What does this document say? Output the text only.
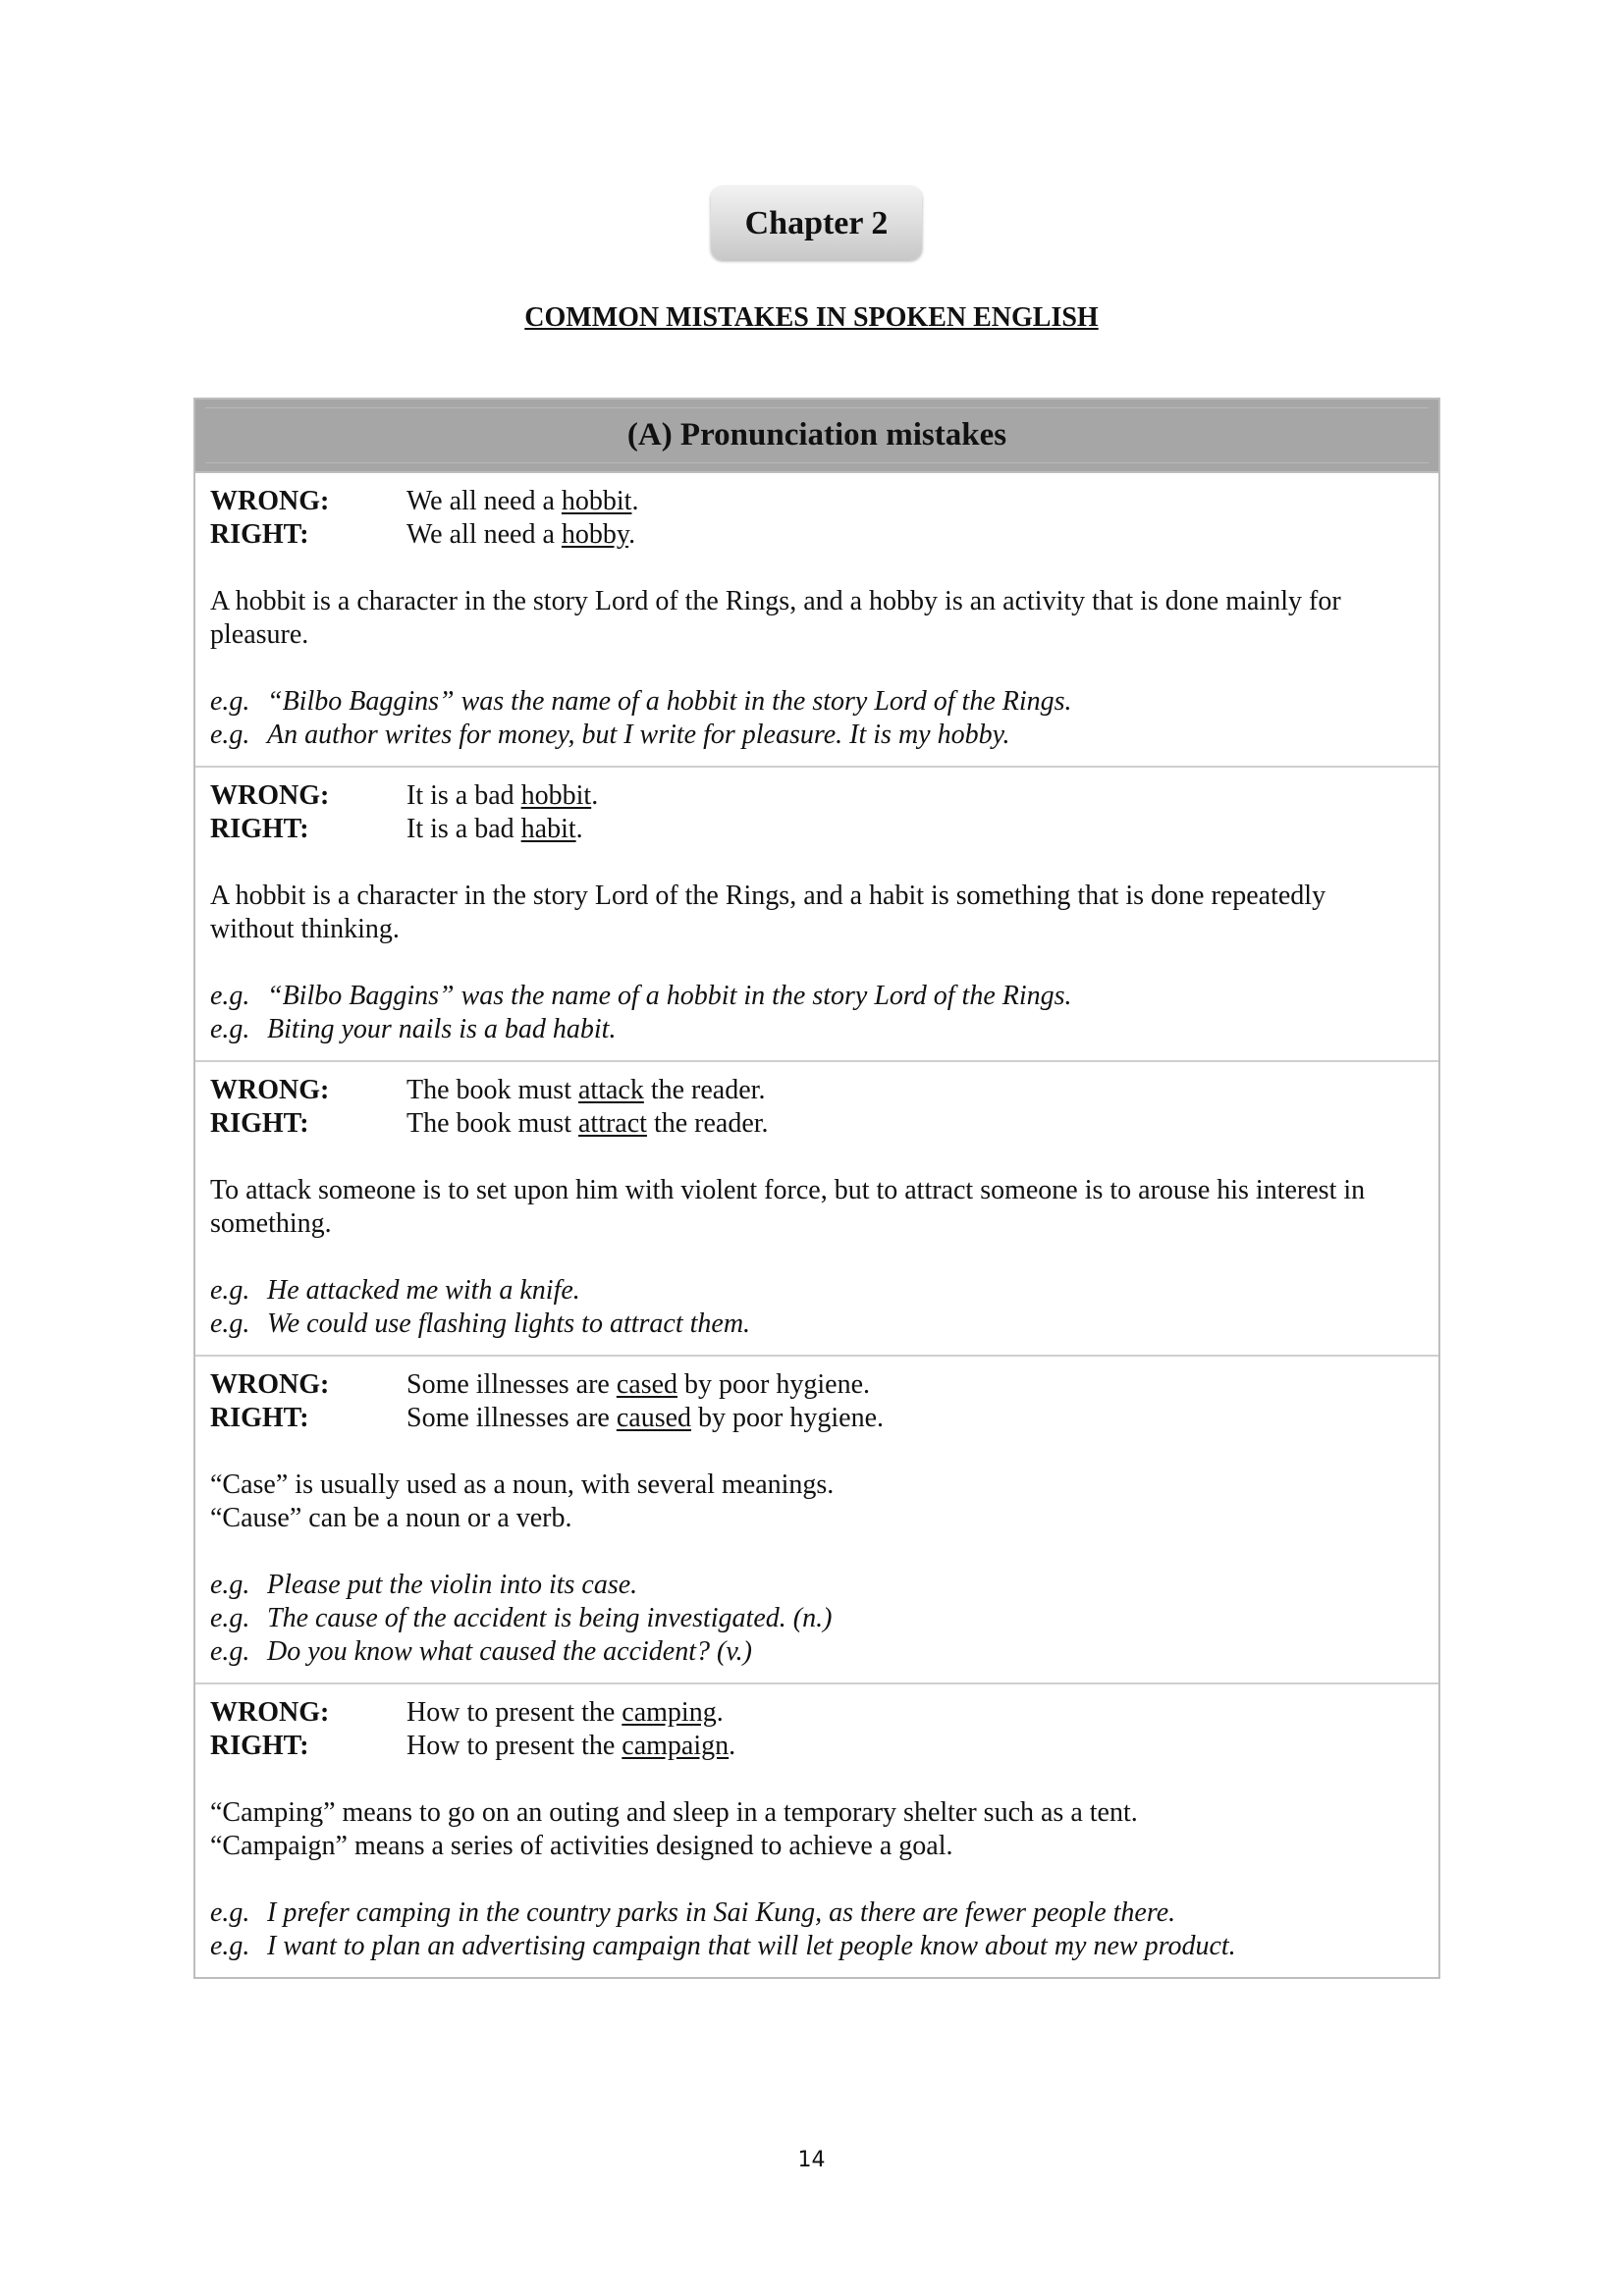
Chapter 2
COMMON MISTAKES IN SPOKEN ENGLISH
(A) Pronunciation mistakes
WRONG:	We all need a hobbit.
RIGHT:	We all need a hobby.
A hobbit is a character in the story Lord of the Rings, and a hobby is an activity that is done mainly for
pleasure.
e.g. “Bilbo Baggins” was the name of a hobbit in the story Lord of the Rings.
e.g. An author writes for money, but I write for pleasure. It is my hobby.
WRONG:	It is a bad hobbit.
RIGHT:	It is a bad habit.
A hobbit is a character in the story Lord of the Rings, and a habit is something that is done repeatedly
without thinking.
e.g. “Bilbo Baggins” was the name of a hobbit in the story Lord of the Rings.
e.g. Biting your nails is a bad habit.
WRONG:	The book must attack the reader.
RIGHT:	The book must attract the reader.
To attack someone is to set upon him with violent force, but to attract someone is to arouse his interest in
something.
e.g. He attacked me with a knife.
e.g. We could use flashing lights to attract them.
WRONG:	Some illnesses are cased by poor hygiene.
RIGHT:	Some illnesses are caused by poor hygiene.
“Case” is usually used as a noun, with several meanings.
“Cause” can be a noun or a verb.
e.g. Please put the violin into its case.
e.g. The cause of the accident is being investigated. (n.)
e.g. Do you know what caused the accident? (v.)
WRONG:	How to present the camping.
RIGHT:	How to present the campaign.
“Camping” means to go on an outing and sleep in a temporary shelter such as a tent.
“Campaign” means a series of activities designed to achieve a goal.
e.g. I prefer camping in the country parks in Sai Kung, as there are fewer people there.
e.g. I want to plan an advertising campaign that will let people know about my new product.
14
